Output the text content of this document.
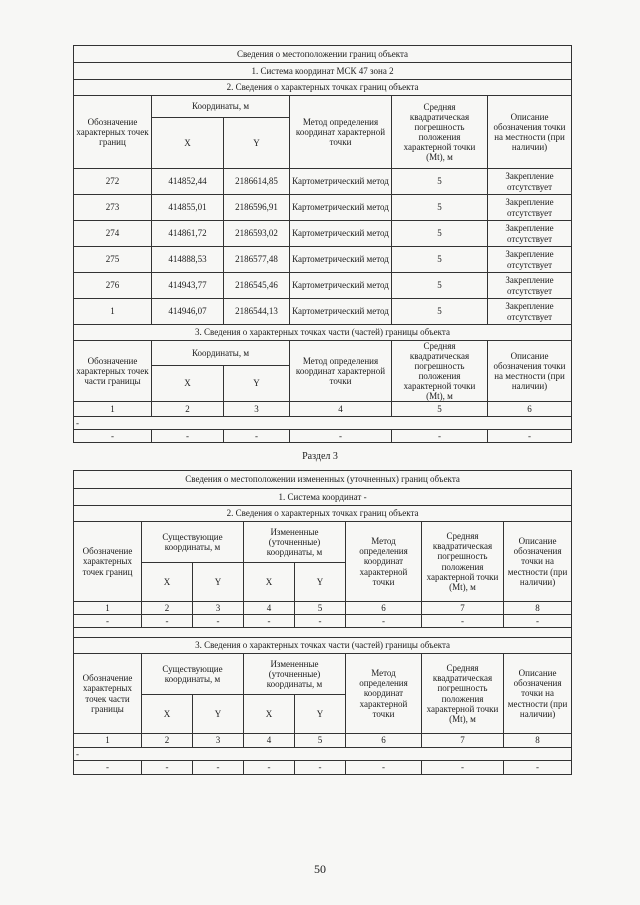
Сведения о местоположении границ объекта					
1. Система координат МСК 47 зона 2					
2. Сведения о характерных точках границ объекта					
Обозначение характерных точек границ	Координаты, м		Метод определения координат характерной точки	Средняя квадратическая погрешность положения характерной точки (Mt), м	Описание обозначения точки на местности (при наличии)
	X	Y			
272	414852,44	2186614,85	Картометрический метод	5	Закрепление отсутствует
273	414855,01	2186596,91	Картометрический метод	5	Закрепление отсутствует
274	414861,72	2186593,02	Картометрический метод	5	Закрепление отсутствует
275	414888,53	2186577,48	Картометрический метод	5	Закрепление отсутствует
276	414943,77	2186545,46	Картометрический метод	5	Закрепление отсутствует
1	414946,07	2186544,13	Картометрический метод	5	Закрепление отсутствует
3. Сведения о характерных точках части (частей) границы объекта					
Обозначение характерных точек части границы	Координаты, м		Метод определения координат характерной точки	Средняя квадратическая погрешность положения характерной точки (Mt), м	Описание обозначения точки на местности (при наличии)
	X	Y			
1	2	3	4	5	6
-					
-	-	-	-	-	-
Раздел 3
Сведения о местоположении измененных (уточненных) границ объекта							
1. Система координат -							
2. Сведения о характерных точках границ объекта							
Обозначение характерных точек границ	Существующие координаты, м		Измененные (уточненные) координаты, м		Метод определения координат характерной точки	Средняя квадратическая погрешность положения характерной точки (Mt), м	Описание обозначения точки на местности (при наличии)
	X	Y	X	Y			
1	2	3	4	5	6	7	8
-	-	-	-	-	-	-	-

3. Сведения о характерных точках части (частей) границы объекта							
Обозначение характерных точек части границы	Существующие координаты, м		Измененные (уточненные) координаты, м		Метод определения координат характерной точки	Средняя квадратическая погрешность положения характерной точки (Mt), м	Описание обозначения точки на местности (при наличии)
	X	Y	X	Y			
1	2	3	4	5	6	7	8
-							
-	-	-	-	-	-	-	-
50
